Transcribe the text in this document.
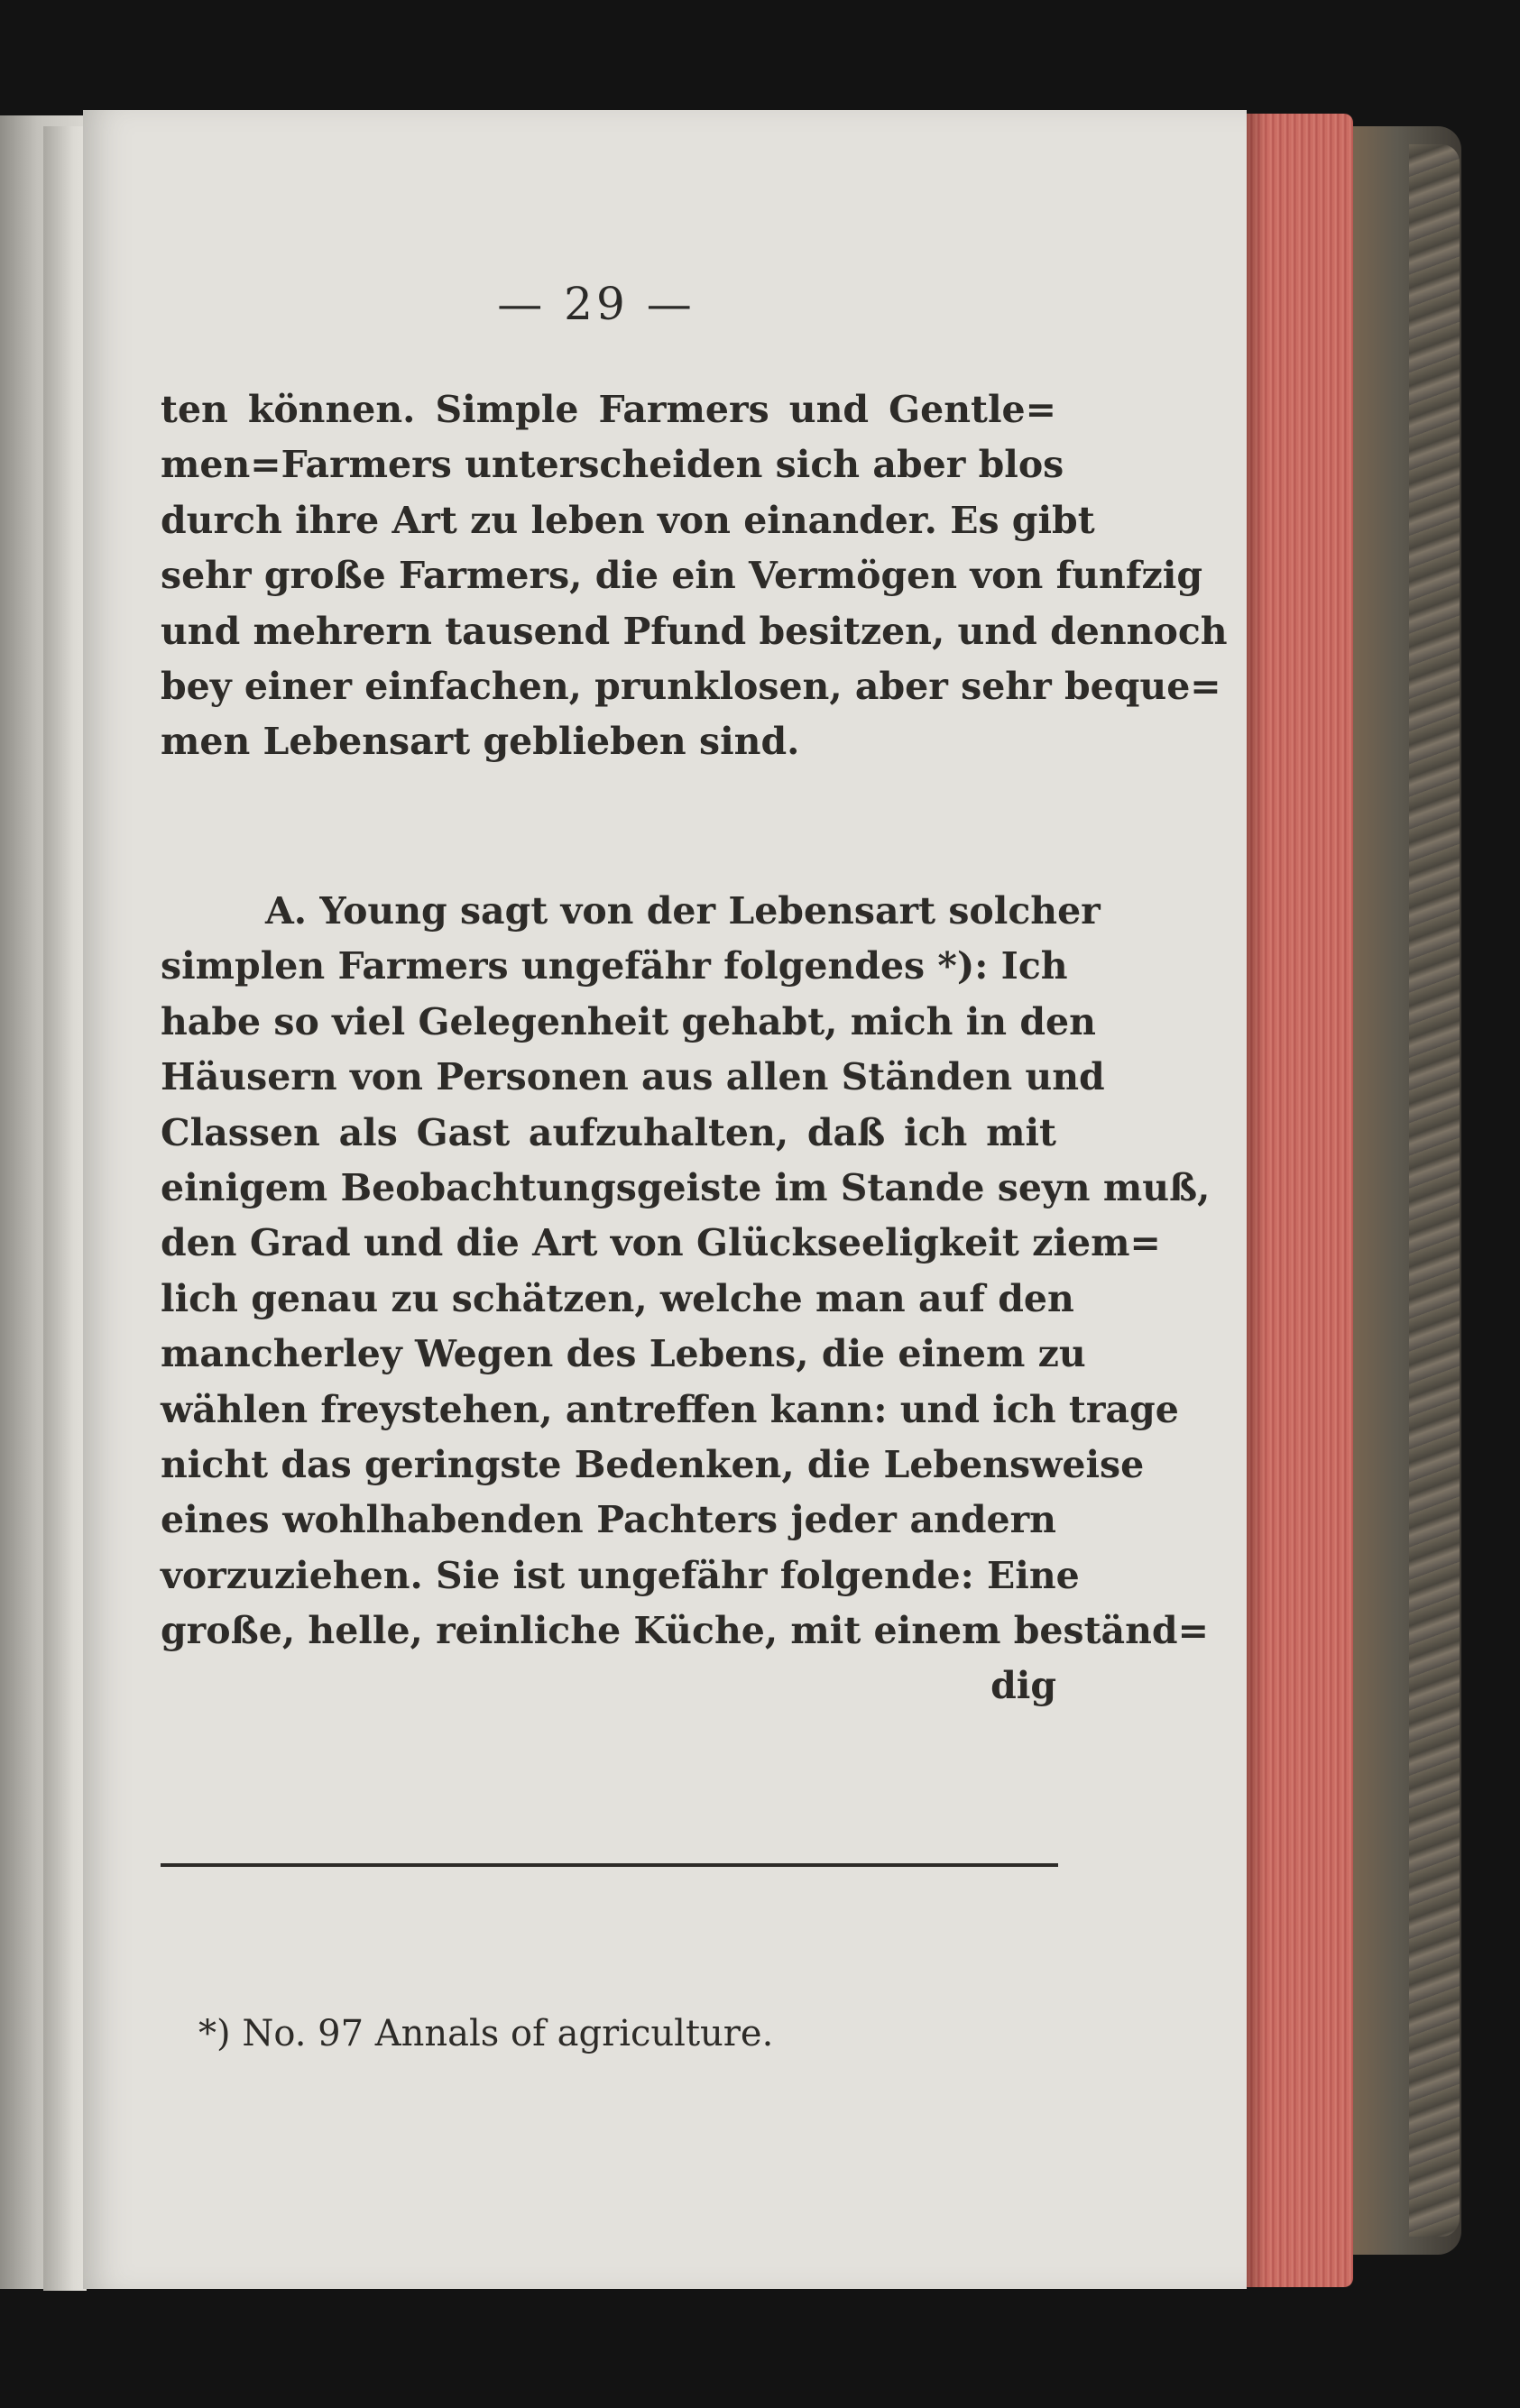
— 29 —
ten können. Simple Farmers und Gentle=
men=Farmers unterscheiden sich aber blos
durch ihre Art zu leben von einander. Es gibt
sehr große Farmers, die ein Vermögen von funfzig
und mehrern tausend Pfund besitzen, und dennoch
bey einer einfachen, prunklosen, aber sehr beque=
men Lebensart geblieben sind.
A. Young sagt von der Lebensart solcher
simplen Farmers ungefähr folgendes *): Ich
habe so viel Gelegenheit gehabt, mich in den
Häusern von Personen aus allen Ständen und
Classen als Gast aufzuhalten, daß ich mit
einigem Beobachtungsgeiste im Stande seyn muß,
den Grad und die Art von Glückseeligkeit ziem=
lich genau zu schätzen, welche man auf den
mancherley Wegen des Lebens, die einem zu
wählen freystehen, antreffen kann: und ich trage
nicht das geringste Bedenken, die Lebensweise
eines wohlhabenden Pachters jeder andern
vorzuziehen. Sie ist ungefähr folgende: Eine
große, helle, reinliche Küche, mit einem beständ=
dig
*) No. 97 Annals of agriculture.
